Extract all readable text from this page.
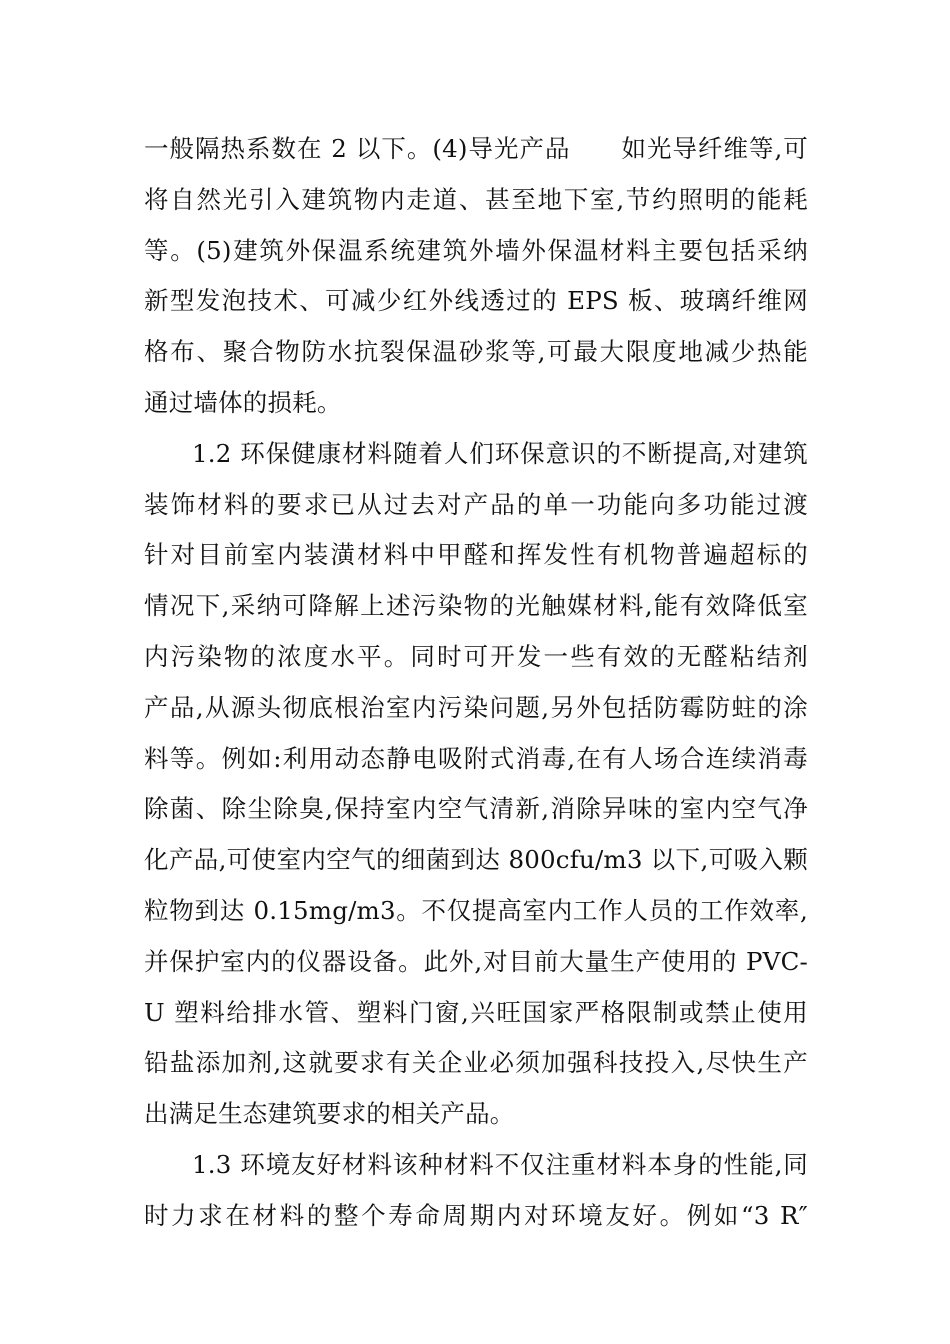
一般隔热系数在 2 以下。(4)导光产品　　如光导纤维等,可
将自然光引入建筑物内走道、甚至地下室,节约照明的能耗
等。(5)建筑外保温系统建筑外墙外保温材料主要包括采纳
新型发泡技术、可减少红外线透过的 EPS 板、玻璃纤维网
格布、聚合物防水抗裂保温砂浆等,可最大限度地减少热能
通过墙体的损耗。
1.2 环保健康材料随着人们环保意识的不断提高,对建筑
装饰材料的要求已从过去对产品的单一功能向多功能过渡
针对目前室内装潢材料中甲醛和挥发性有机物普遍超标的
情况下,采纳可降解上述污染物的光触媒材料,能有效降低室
内污染物的浓度水平。同时可开发一些有效的无醛粘结剂
产品,从源头彻底根治室内污染问题,另外包括防霉防蛀的涂
料等。例如:利用动态静电吸附式消毒,在有人场合连续消毒
除菌、除尘除臭,保持室内空气清新,消除异味的室内空气净
化产品,可使室内空气的细菌到达 800cfu/m3 以下,可吸入颗
粒物到达 0.15mg/m3。不仅提高室内工作人员的工作效率,
并保护室内的仪器设备。此外,对目前大量生产使用的 PVC-
U 塑料给排水管、塑料门窗,兴旺国家严格限制或禁止使用
铅盐添加剂,这就要求有关企业必须加强科技投入,尽快生产
出满足生态建筑要求的相关产品。
1.3 环境友好材料该种材料不仅注重材料本身的性能,同
时力求在材料的整个寿命周期内对环境友好。例如“3 R″
